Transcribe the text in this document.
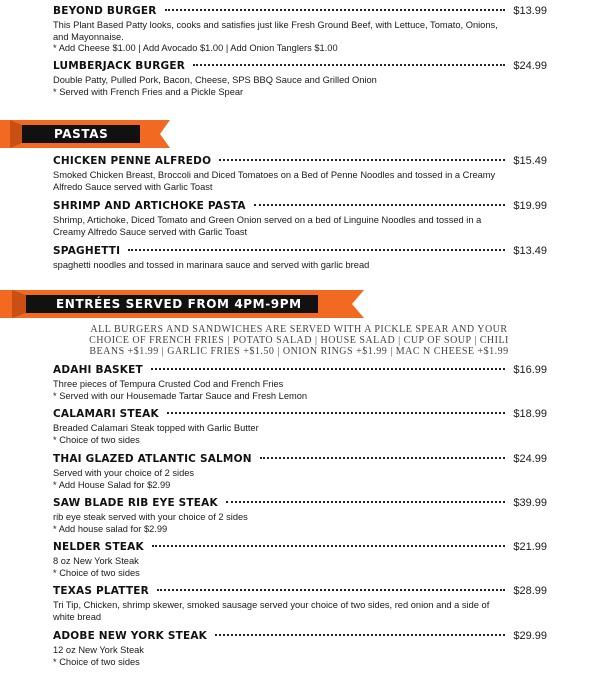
BEYOND BURGER	$13.99
This Plant Based Patty looks, cooks and satisfies just like Fresh Ground Beef, with Lettuce, Tomato, Onions,
and Mayonnaise.
* Add Cheese $1.00 | Add Avocado $1.00 | Add Onion Tanglers $1.00
LUMBERJACK BURGER	$24.99
Double Patty, Pulled Pork, Bacon, Cheese, SPS BBQ Sauce and Grilled Onion
* Served with French Fries and a Pickle Spear
PASTAS
CHICKEN PENNE ALFREDO	$15.49
Smoked Chicken Breast, Broccoli and Diced Tomatoes on a Bed of Penne Noodles and tossed in a Creamy
Alfredo Sauce served with Garlic Toast
SHRIMP AND ARTICHOKE PASTA	$19.99
Shrimp, Artichoke, Diced Tomato and Green Onion served on a bed of Linguine Noodles and tossed in a
Creamy Alfredo Sauce served with Garlic Toast
SPAGHETTI	$13.49
spaghetti noodles and tossed in marinara sauce and served with garlic bread
ENTRÉES SERVED FROM 4PM-9PM
ALL BURGERS AND SANDWICHES ARE SERVED WITH A PICKLE SPEAR AND YOUR
CHOICE OF FRENCH FRIES | POTATO SALAD | HOUSE SALAD | CUP OF SOUP | CHILI
BEANS +$1.99 | GARLIC FRIES +$1.50 | ONION RINGS +$1.99 | MAC N CHEESE +$1.99
ADAHI BASKET	$16.99
Three pieces of Tempura Crusted Cod and French Fries
* Served with our Housemade Tartar Sauce and Fresh Lemon
CALAMARI STEAK	$18.99
Breaded Calamari Steak topped with Garlic Butter
* Choice of two sides
THAI GLAZED ATLANTIC SALMON	$24.99
Served with your choice of 2 sides
* Add House Salad for $2.99
SAW BLADE RIB EYE STEAK	$39.99
rib eye steak served with your choice of 2 sides
* Add house salad for $2.99
NELDER STEAK	$21.99
8 oz New York Steak
* Choice of two sides
TEXAS PLATTER	$28.99
Tri Tip, Chicken, shrimp skewer, smoked sausage served your choice of two sides, red onion and a side of
white bread
ADOBE NEW YORK STEAK	$29.99
12 oz New York Steak
* Choice of two sides
